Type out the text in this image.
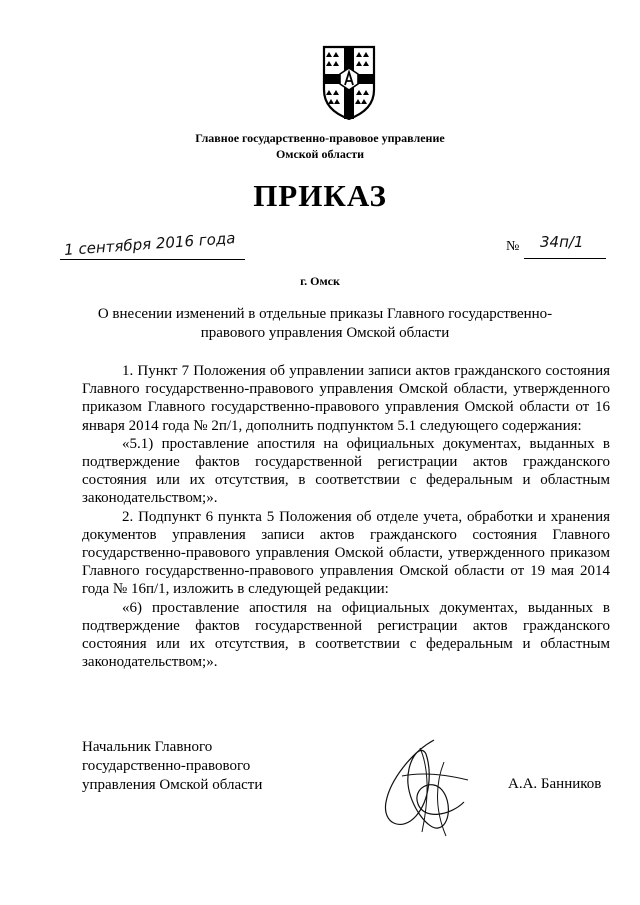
Главное государственно-правовое управление
Омской области
ПРИКАЗ
1 сентября 2016 года	№ 34п/1
г. Омск
О внесении изменений в отдельные приказы Главного государственно-правового управления Омской области

1. Пункт 7 Положения об управлении записи актов гражданского состояния Главного государственно-правового управления Омской области, утвержденного приказом Главного государственно-правового управления Омской области от 16 января 2014 года № 2п/1, дополнить подпунктом 5.1 следующего содержания:

«5.1) проставление апостиля на официальных документах, выданных в подтверждение фактов государственной регистрации актов гражданского состояния или их отсутствия, в соответствии с федеральным и областным законодательством;».

2. Подпункт 6 пункта 5 Положения об отделе учета, обработки и хранения документов управления записи актов гражданского состояния Главного государственно-правового управления Омской области, утвержденного приказом Главного государственно-правового управления Омской области от 19 мая 2014 года № 16п/1, изложить в следующей редакции:

«6) проставление апостиля на официальных документах, выданных в подтверждение фактов государственной регистрации актов гражданского состояния или их отсутствия, в соответствии с федеральным и областным законодательством;».

Начальник Главного
государственно-правового
управления Омской области	А.А. Банников
